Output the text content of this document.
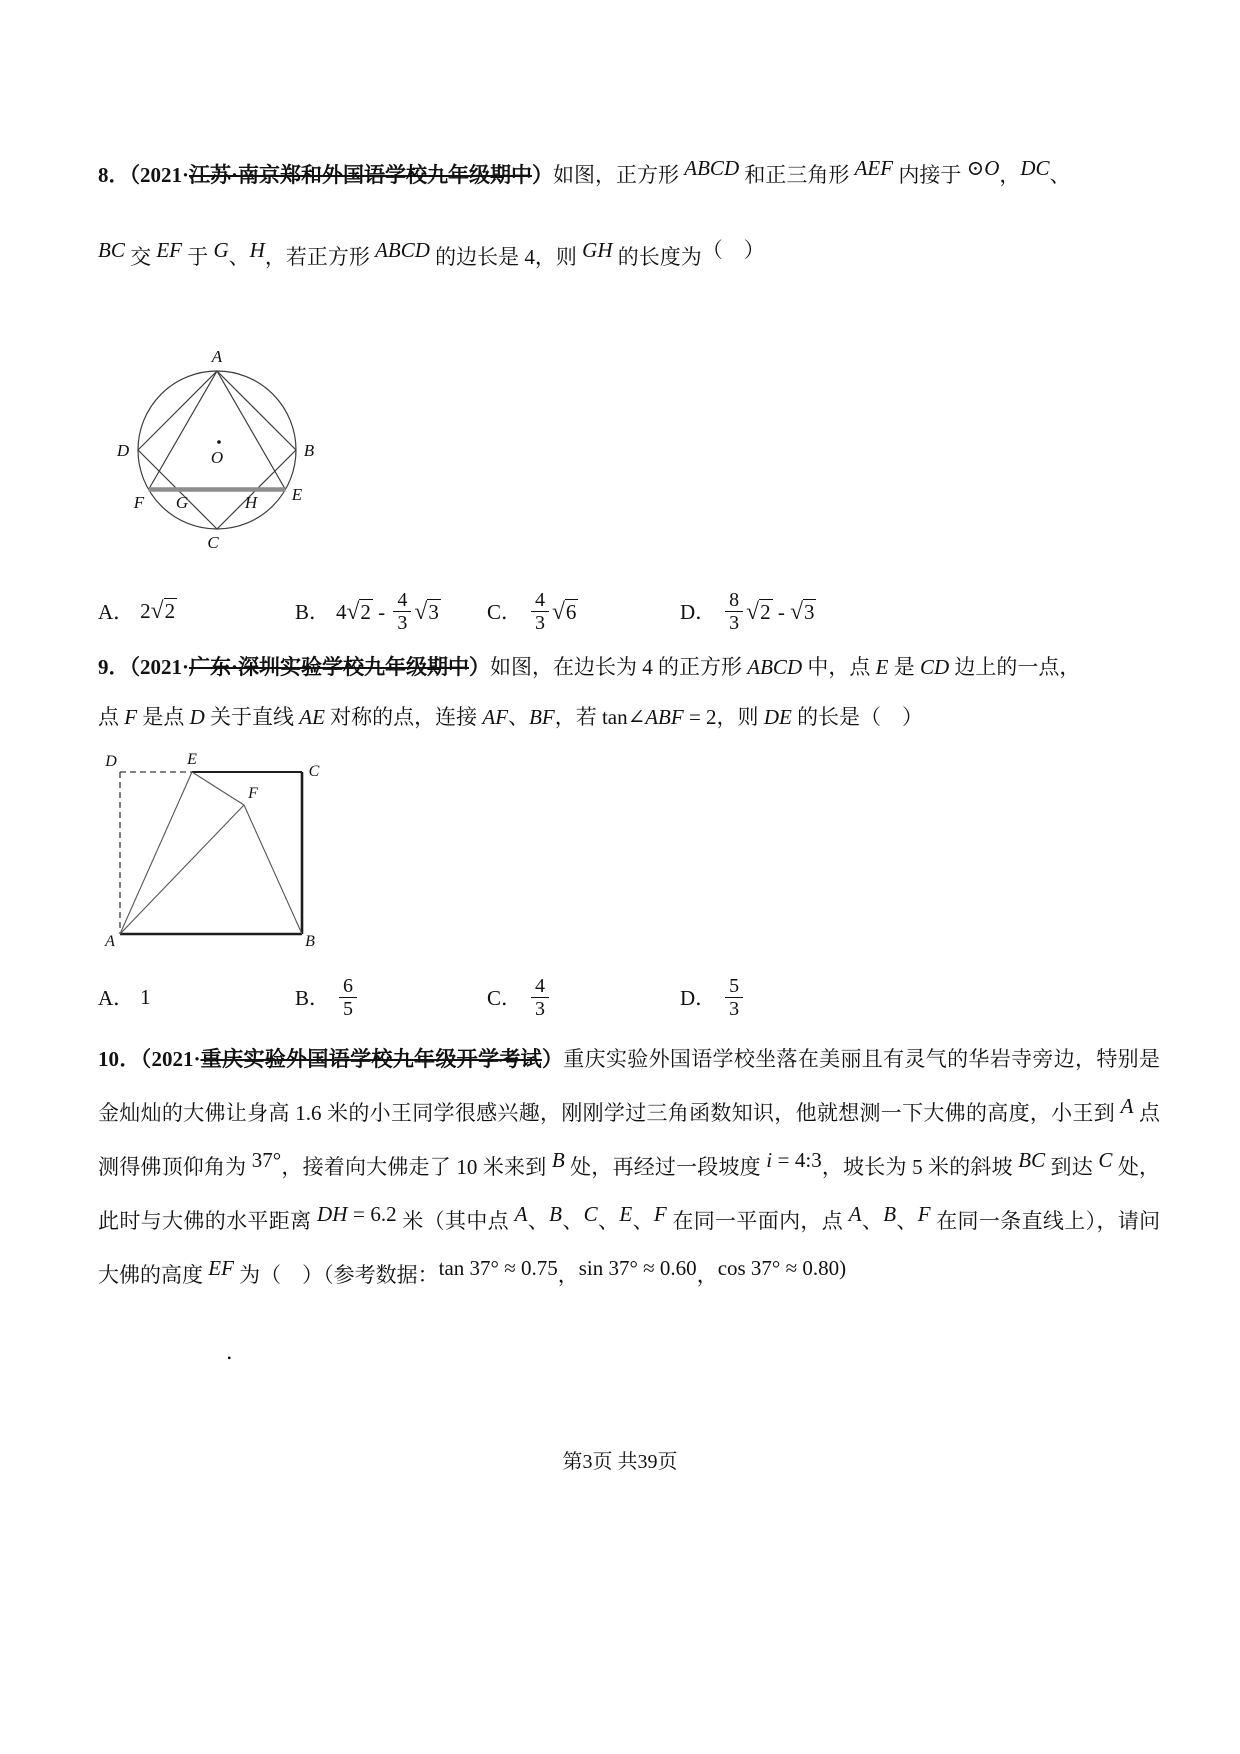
8．（2021·江苏·南京郑和外国语学校九年级期中）如图，正方形 ABCD 和正三角形 AEF 内接于 ⊙O，DC、
BC 交 EF 于 G、H，若正方形 ABCD 的边长是 4，则 GH 的长度为（　）
A
B
C
D
E
F G	H
O
A． 2√2	B． $4√2 - \frac{4}{3} √3$ C． $\frac{4}{3} √6$	D． $\frac{8}{3} √2 - √3$
9．（2021·广东·深圳实验学校九年级期中）如图，在边长为 4 的正方形 ABCD 中，点 E 是 CD 边上的一点，
点 F 是点 D 关于直线 AE 对称的点，连接 AF、BF，若 tan∠ABF = 2，则 DE 的长是（　）
D	E
C
A	B
F
A． 1	B． $\frac{6}{5}$	C． $\frac{4}{3}$	D． $\frac{5}{3}$
10．（2021·重庆实验外国语学校九年级开学考试）重庆实验外国语学校坐落在美丽且有灵气的华岩寺旁边，特别是金灿灿的大佛让身高 1.6 米的小王同学很感兴趣，刚刚学过三角函数知识，他就想测一下大佛的高度，小王到 A 点测得佛顶仰角为 37°，接着向大佛走了 10 米来到 B 处，再经过一段坡度 i = 4:3，坡长为 5 米的斜坡 BC 到达 C 处，此时与大佛的水平距离 DH = 6.2 米（其中点 A、B、C、E、F 在同一平面内，点 A、B、F 在同一条直线上），请问大佛的高度 EF 为（　）（参考数据：tan 37° ≈ 0.75，sin 37° ≈ 0.60，cos 37° ≈ 0.80)
．
第3页 共39页
